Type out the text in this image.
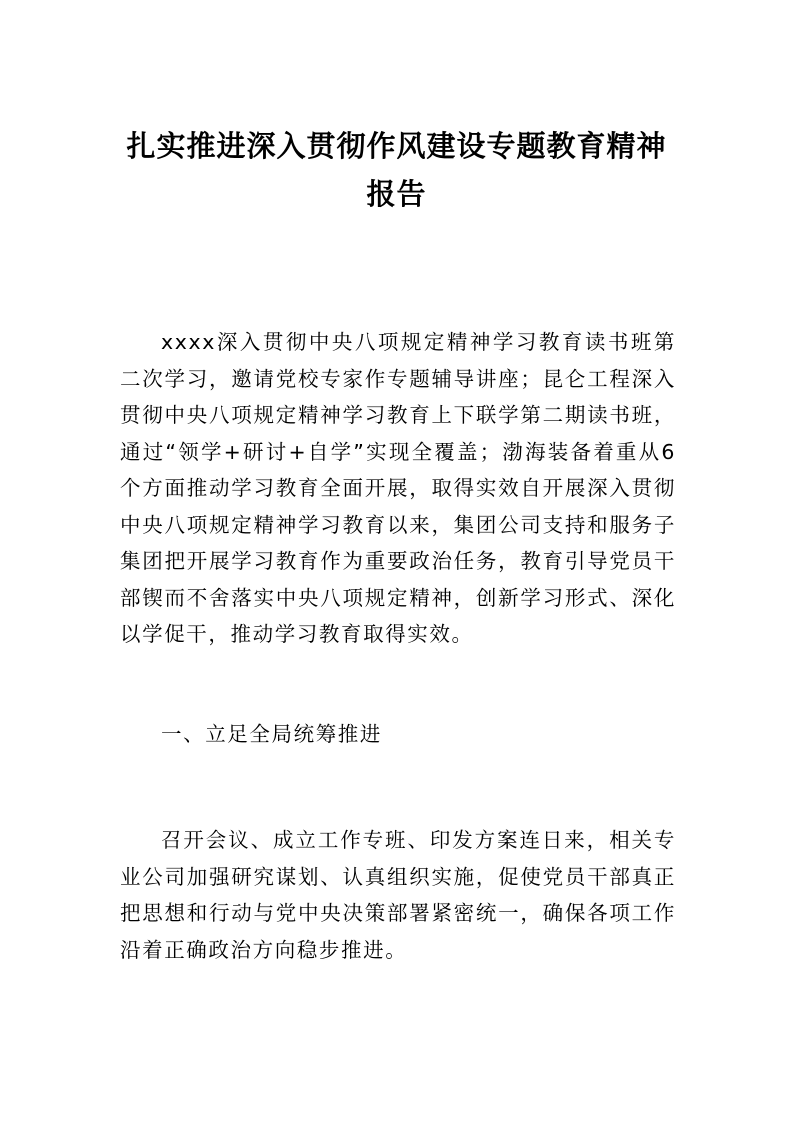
扎实推进深入贯彻作风建设专题教育精神
报告

xxxx深入贯彻中央八项规定精神学习教育读书班第二次学习，邀请党校专家作专题辅导讲座；昆仑工程深入贯彻中央八项规定精神学习教育上下联学第二期读书班，通过“领学+研讨+自学”实现全覆盖；渤海装备着重从6个方面推动学习教育全面开展，取得实效自开展深入贯彻中央八项规定精神学习教育以来，集团公司支持和服务子集团把开展学习教育作为重要政治任务，教育引导党员干部锲而不舍落实中央八项规定精神，创新学习形式、深化以学促干，推动学习教育取得实效。

一、立足全局统筹推进

召开会议、成立工作专班、印发方案连日来，相关专业公司加强研究谋划、认真组织实施，促使党员干部真正把思想和行动与党中央决策部署紧密统一，确保各项工作沿着正确政治方向稳步推进。
